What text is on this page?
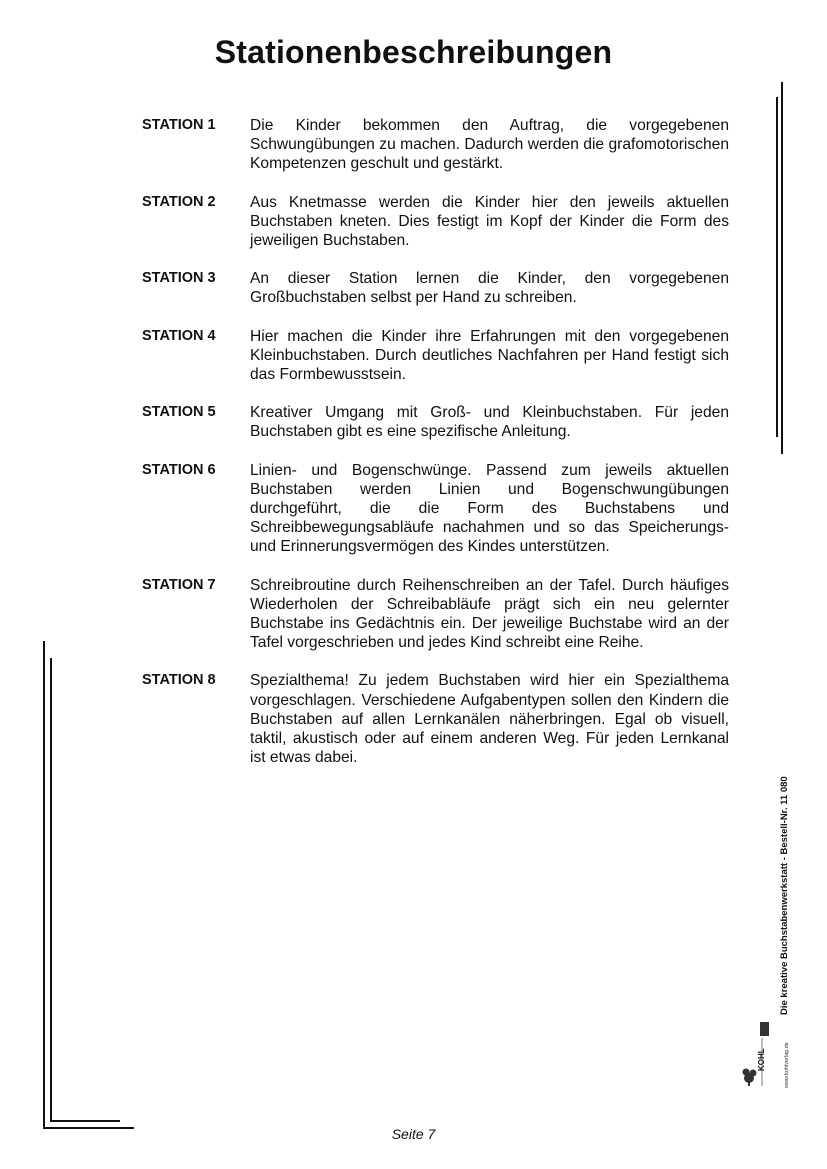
Stationenbeschreibungen
STATION 1	Die Kinder bekommen den Auftrag, die vorgegebenen Schwungübungen zu machen. Dadurch werden die grafomotorischen Kompetenzen geschult und gestärkt.
STATION 2	Aus Knetmasse werden die Kinder hier den jeweils aktuellen Buchstaben kneten. Dies festigt im Kopf der Kinder die Form des jeweiligen Buchstaben.
STATION 3	An dieser Station lernen die Kinder, den vorgegebenen Großbuchstaben selbst per Hand zu schreiben.
STATION 4	Hier machen die Kinder ihre Erfahrungen mit den vorgegebenen Kleinbuchstaben. Durch deutliches Nachfahren per Hand festigt sich das Formbewusstsein.
STATION 5	Kreativer Umgang mit Groß- und Kleinbuchstaben. Für jeden Buchstaben gibt es eine spezifische Anleitung.
STATION 6	Linien- und Bogenschwünge. Passend zum jeweils aktuellen Buchstaben werden Linien und Bogenschwungübungen durchgeführt, die die Form des Buchstabens und Schreibbewegungsabläufe nachahmen und so das Speicherungs- und Erinnerungsvermögen des Kindes unterstützen.
STATION 7	Schreibroutine durch Reihenschreiben an der Tafel. Durch häufiges Wiederholen der Schreibabläufe prägt sich ein neu gelernter Buchstabe ins Gedächtnis ein. Der jeweilige Buchstabe wird an der Tafel vorgeschrieben und jedes Kind schreibt eine Reihe.
STATION 8	Spezialthema! Zu jedem Buchstaben wird hier ein Spezialthema vorgeschlagen. Verschiedene Aufgabentypen sollen den Kindern die Buchstaben auf allen Lernkanälen näherbringen. Egal ob visuell, taktil, akustisch oder auf einem anderen Weg. Für jeden Lernkanal ist etwas dabei.
Die kreative Buchstabenwerkstatt - Bestell-Nr. 11 080
www.kohlverlag.de
KOHL
Seite 7
